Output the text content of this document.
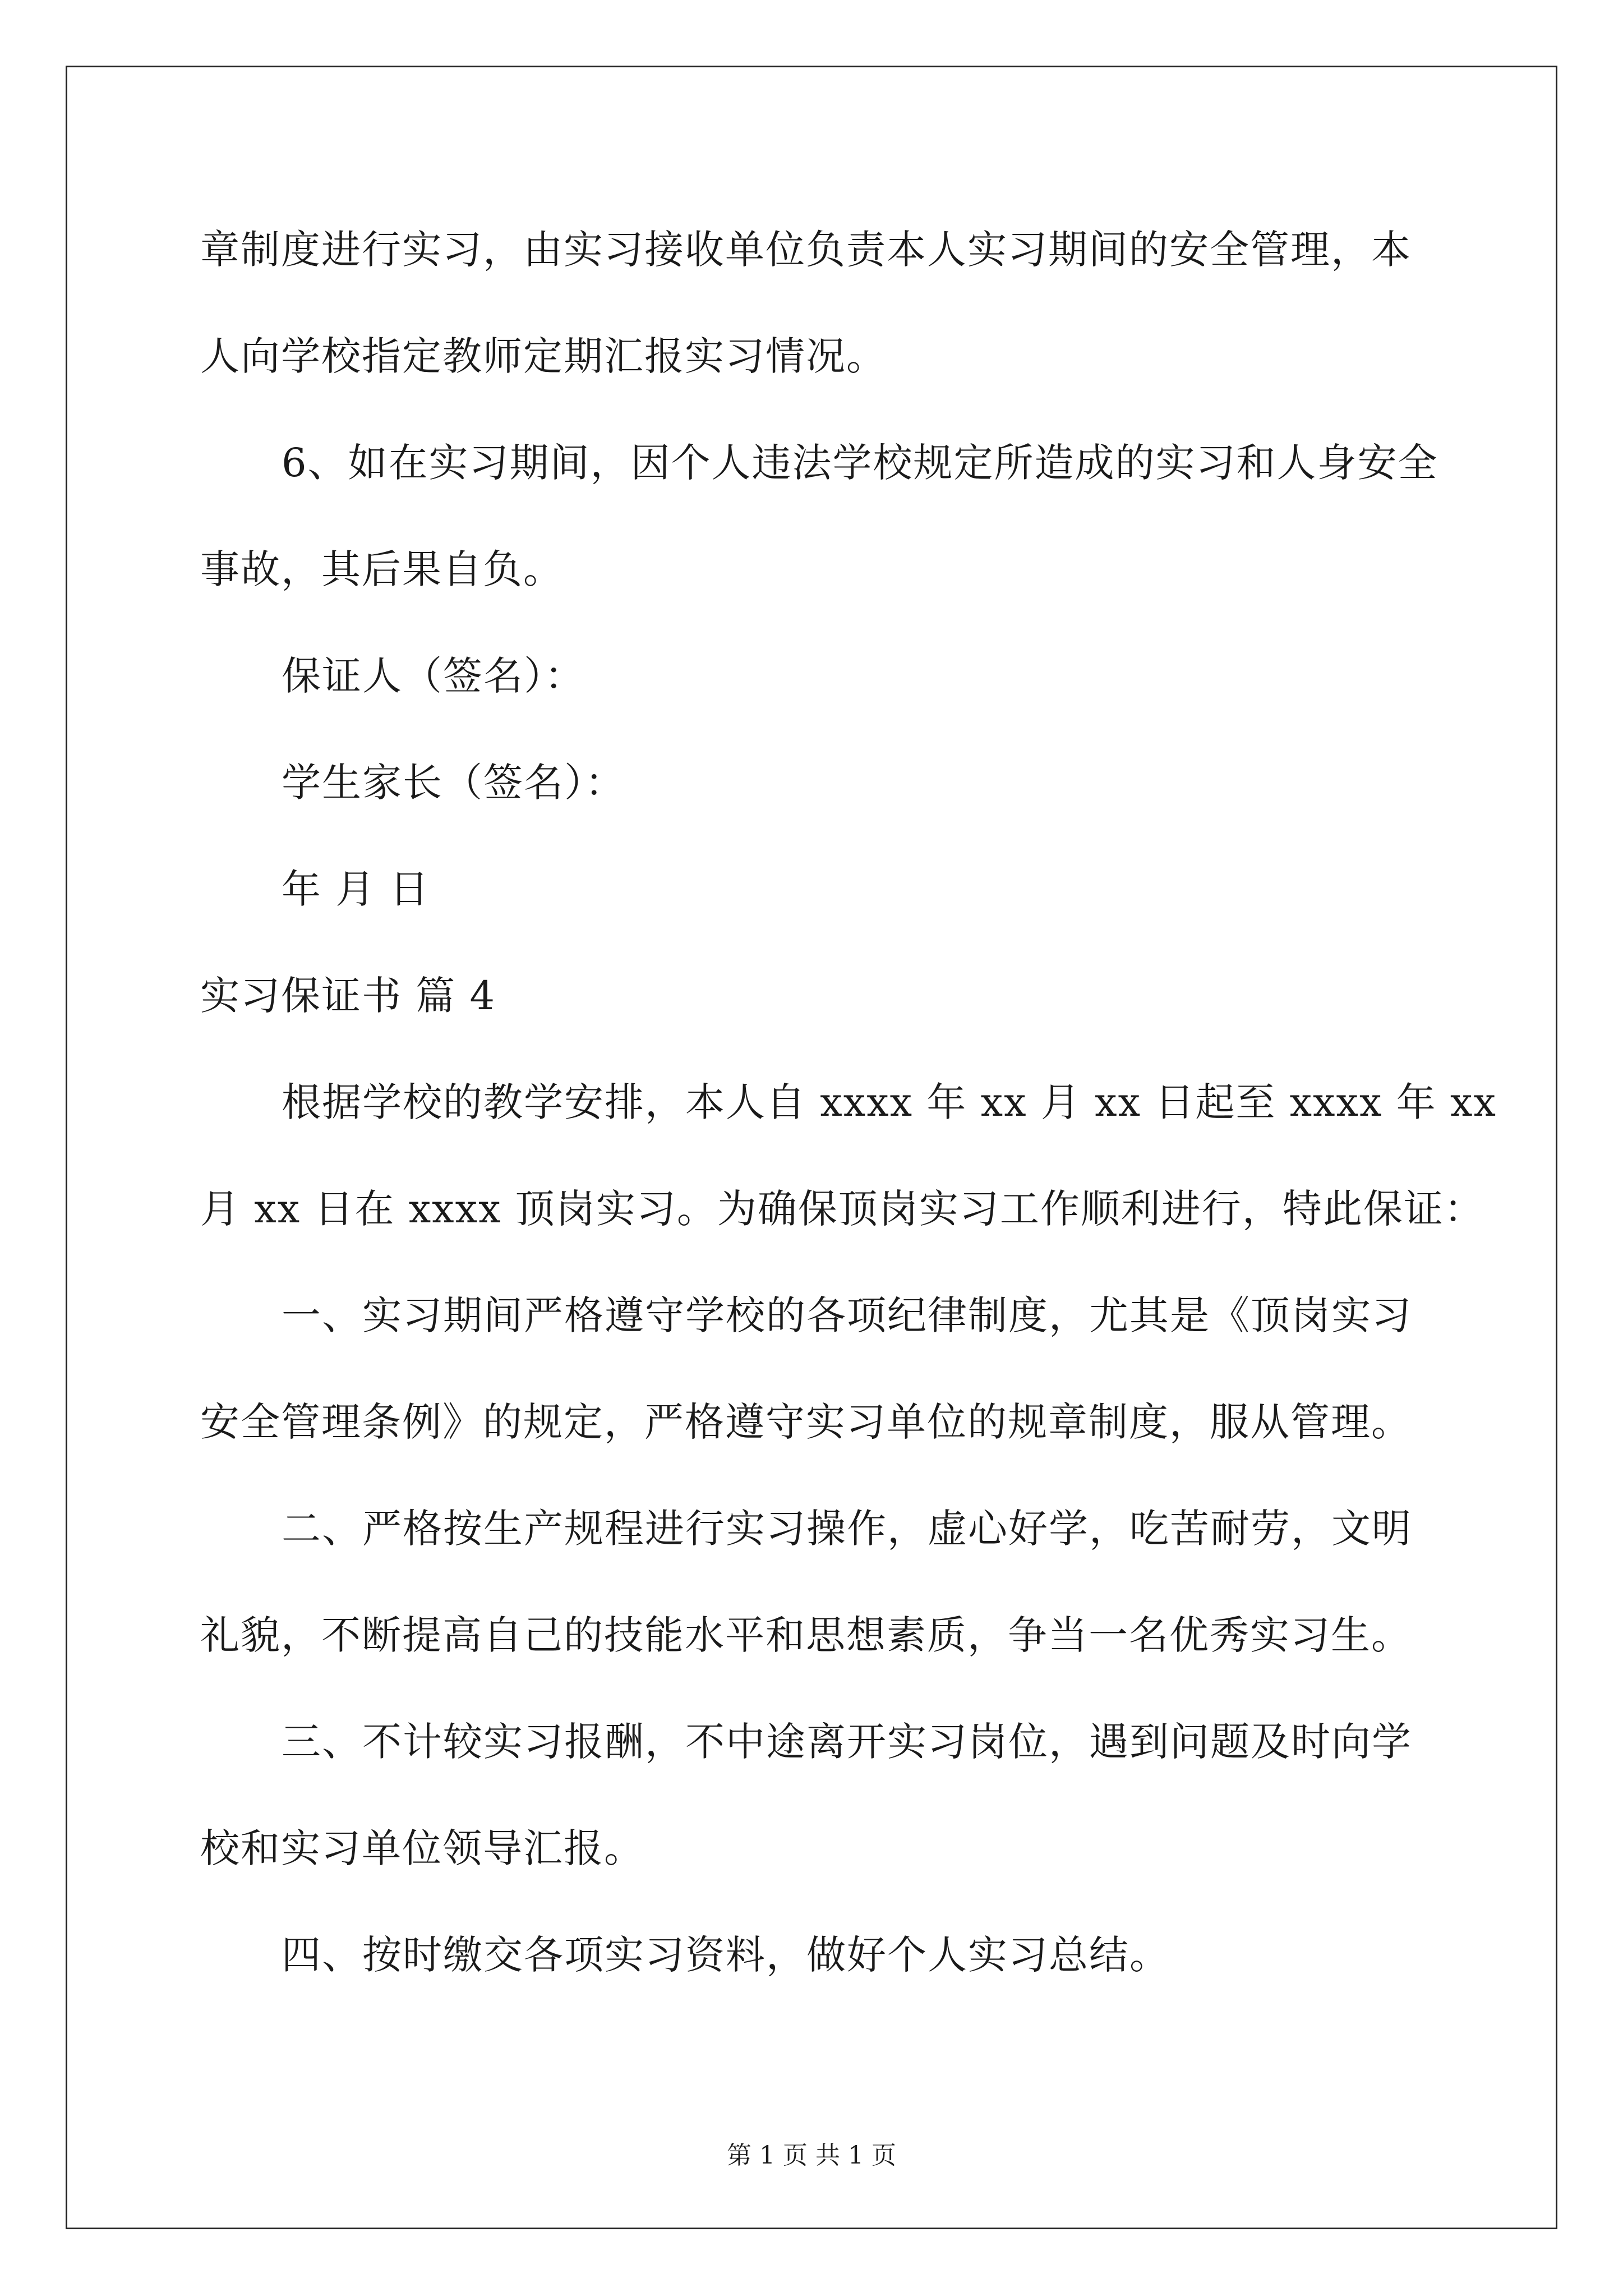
章制度进行实习，由实习接收单位负责本人实习期间的安全管理，本
人向学校指定教师定期汇报实习情况。
6、如在实习期间，因个人违法学校规定所造成的实习和人身安全
事故，其后果自负。
保证人（签名）：
学生家长（签名）：
年 月 日
实习保证书 篇 4
根据学校的教学安排，本人自 xxxx 年 xx 月 xx 日起至 xxxx 年 xx
月 xx 日在 xxxx 顶岗实习。为确保顶岗实习工作顺利进行，特此保证：
一、实习期间严格遵守学校的各项纪律制度，尤其是《顶岗实习
安全管理条例》的规定，严格遵守实习单位的规章制度，服从管理。
二、严格按生产规程进行实习操作，虚心好学，吃苦耐劳，文明
礼貌，不断提高自己的技能水平和思想素质，争当一名优秀实习生。
三、不计较实习报酬，不中途离开实习岗位，遇到问题及时向学
校和实习单位领导汇报。
四、按时缴交各项实习资料，做好个人实习总结。
第 1 页 共 1 页
